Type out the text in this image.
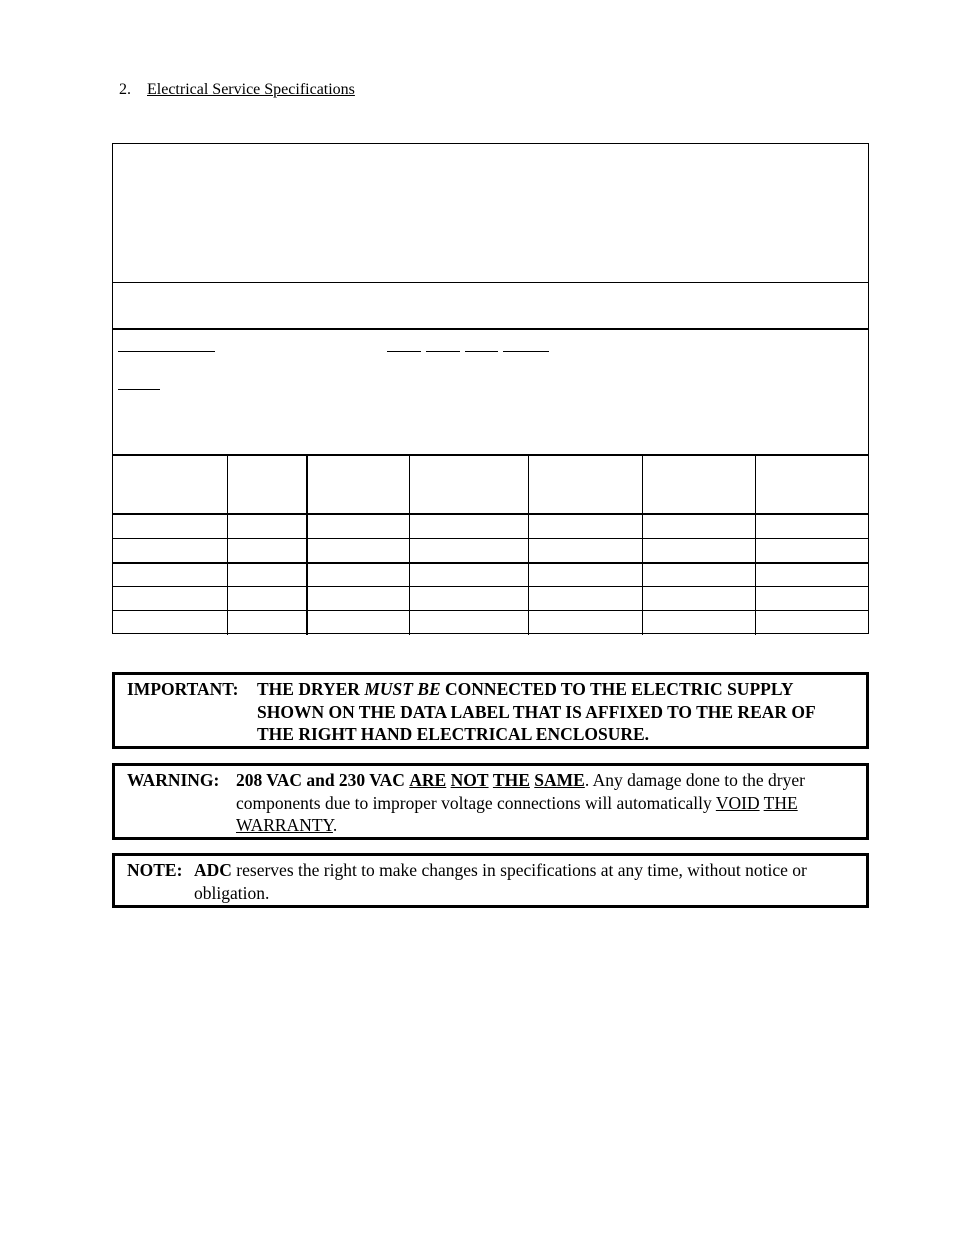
2. Electrical Service Specifications
IMPORTANT:	THE DRYER MUST BE CONNECTED TO THE ELECTRIC SUPPLY SHOWN ON THE DATA LABEL THAT IS AFFIXED TO THE REAR OF THE RIGHT HAND ELECTRICAL ENCLOSURE.
WARNING: 208 VAC and 230 VAC ARE NOT THE SAME. Any damage done to the dryer components due to improper voltage connections will automatically VOID THE WARRANTY.
NOTE: ADC reserves the right to make changes in specifications at any time, without notice or obligation.
